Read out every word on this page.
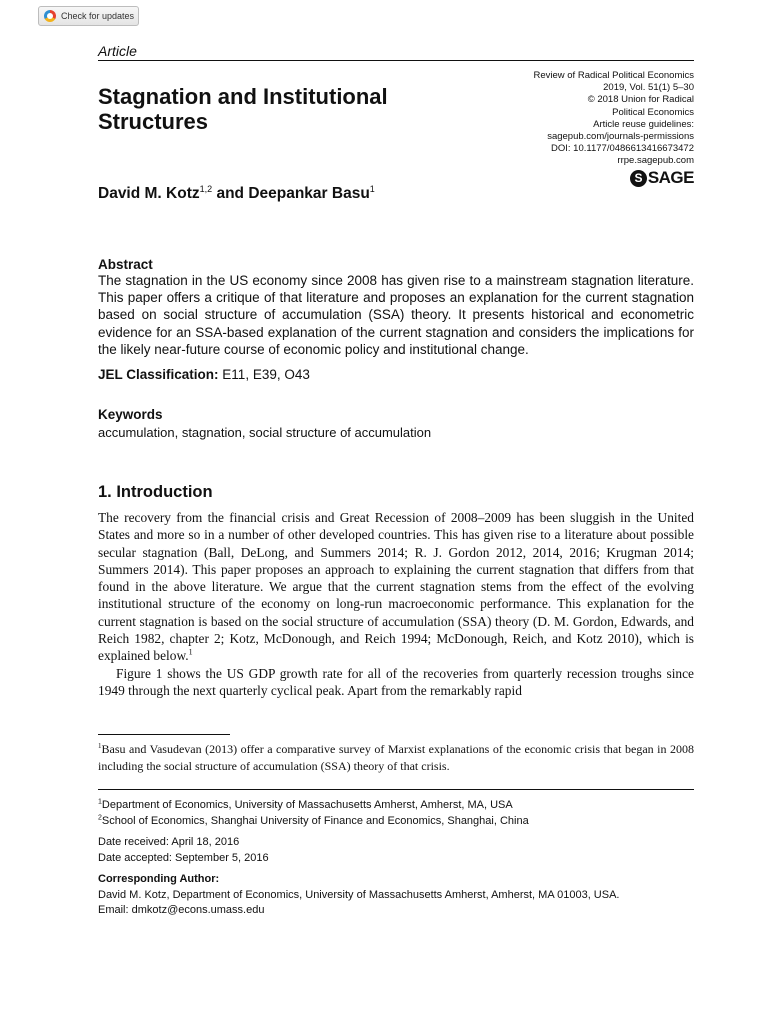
Check for updates
Article
Stagnation and Institutional Structures
Review of Radical Political Economics
2019, Vol. 51(1) 5–30
© 2018 Union for Radical
Political Economics
Article reuse guidelines:
sagepub.com/journals-permissions
DOI: 10.1177/0486613416673472
rrpe.sagepub.com
S SAGE
David M. Kotz$^{1,2}$ and Deepankar Basu$^1$
Abstract

The stagnation in the US economy since 2008 has given rise to a mainstream stagnation literature. This paper offers a critique of that literature and proposes an explanation for the current stagnation based on social structure of accumulation (SSA) theory. It presents historical and econometric evidence for an SSA-based explanation of the current stagnation and considers the implications for the likely near-future course of economic policy and institutional change.

JEL Classification: E11, E39, O43
Keywords
accumulation, stagnation, social structure of accumulation
1. Introduction

The recovery from the financial crisis and Great Recession of 2008–2009 has been sluggish in the United States and more so in a number of other developed countries. This has given rise to a literature about possible secular stagnation (Ball, DeLong, and Summers 2014; R. J. Gordon 2012, 2014, 2016; Krugman 2014; Summers 2014). This paper proposes an approach to explaining the current stagnation that differs from that found in the above literature. We argue that the current stagnation stems from the effect of the evolving institutional structure of the economy on long-run macroeconomic performance. This explanation for the current stagnation is based on the social structure of accumulation (SSA) theory (D. M. Gordon, Edwards, and Reich 1982, chapter 2; Kotz, McDonough, and Reich 1994; McDonough, Reich, and Kotz 2010), which is explained below.$^1$

Figure 1 shows the US GDP growth rate for all of the recoveries from quarterly recession troughs since 1949 through the next quarterly cyclical peak. Apart from the remarkably rapid

$^1$Basu and Vasudevan (2013) offer a comparative survey of Marxist explanations of the economic crisis that began in 2008 including the social structure of accumulation (SSA) theory of that crisis.

$^1$Department of Economics, University of Massachusetts Amherst, Amherst, MA, USA
$^2$School of Economics, Shanghai University of Finance and Economics, Shanghai, China
Date received: April 18, 2016
Date accepted: September 5, 2016
Corresponding Author:
David M. Kotz, Department of Economics, University of Massachusetts Amherst, Amherst, MA 01003, USA.
Email: dmkotz@econs.umass.edu
